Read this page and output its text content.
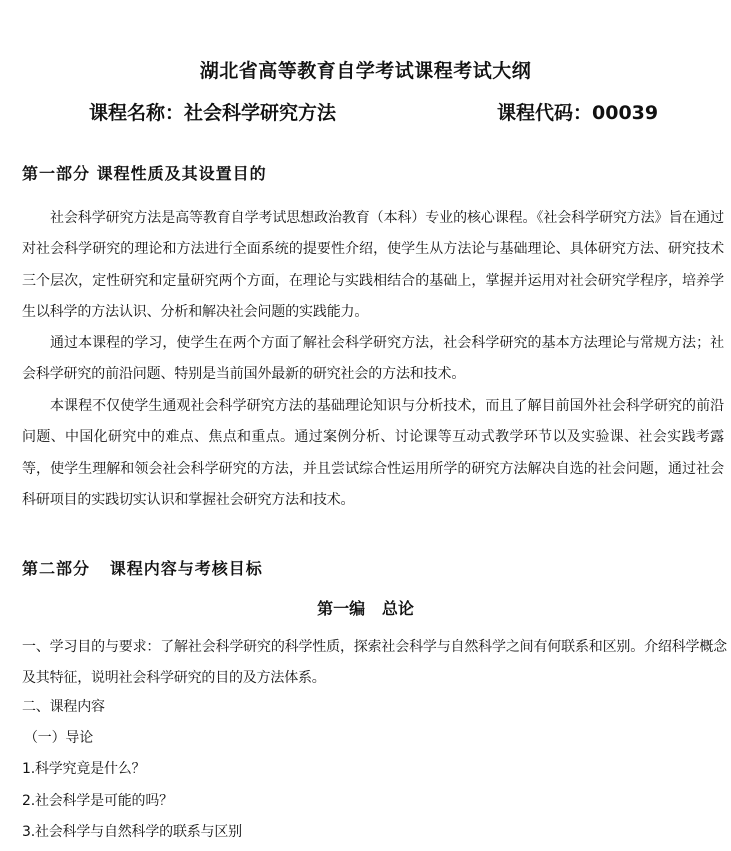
湖北省高等教育自学考试课程考试大纲
课程名称：社会科学研究方法	课程代码：00039
第一部分 课程性质及其设置目的

社会科学研究方法是高等教育自学考试思想政治教育（本科）专业的核心课程。《社会科学研究方法》旨在通过对社会科学研究的理论和方法进行全面系统的提要性介绍，使学生从方法论与基础理论、具体研究方法、研究技术三个层次，定性研究和定量研究两个方面，在理论与实践相结合的基础上，掌握并运用对社会研究学程序，培养学生以科学的方法认识、分析和解决社会问题的实践能力。

通过本课程的学习，使学生在两个方面了解社会科学研究方法，社会科学研究的基本方法理论与常规方法；社会科学研究的前沿问题、特别是当前国外最新的研究社会的方法和技术。

本课程不仅使学生通观社会科学研究方法的基础理论知识与分析技术，而且了解目前国外社会科学研究的前沿问题、中国化研究中的难点、焦点和重点。通过案例分析、讨论课等互动式教学环节以及实验课、社会实践考露等，使学生理解和领会社会科学研究的方法，并且尝试综合性运用所学的研究方法解决自选的社会问题，通过社会科研项目的实践切实认识和掌握社会研究方法和技术。

第二部分   课程内容与考核目标
第一编   总论

一、学习目的与要求：了解社会科学研究的科学性质，探索社会科学与自然科学之间有何联系和区别。介绍科学概念及其特征，说明社会科学研究的目的及方法体系。

二、课程内容

（一）导论

1.科学究竟是什么？

2.社会科学是可能的吗？

3.社会科学与自然科学的联系与区别
